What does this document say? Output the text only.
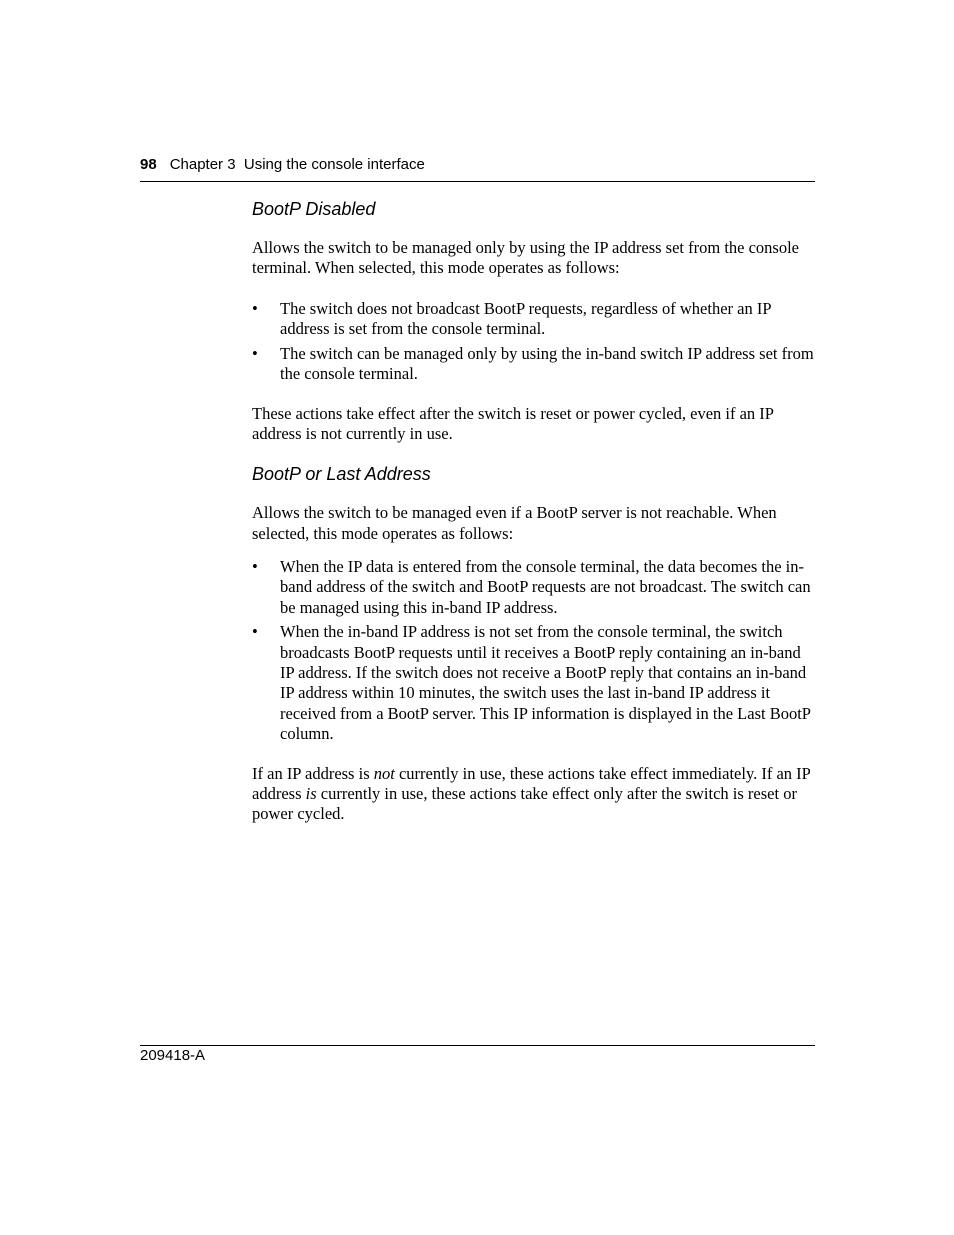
98 Chapter 3  Using the console interface
BootP Disabled

Allows the switch to be managed only by using the IP address set from the console terminal. When selected, this mode operates as follows:

• The switch does not broadcast BootP requests, regardless of whether an IP address is set from the console terminal.
• The switch can be managed only by using the in-band switch IP address set from the console terminal.

These actions take effect after the switch is reset or power cycled, even if an IP address is not currently in use.

BootP or Last Address

Allows the switch to be managed even if a BootP server is not reachable. When selected, this mode operates as follows:

• When the IP data is entered from the console terminal, the data becomes the in-band address of the switch and BootP requests are not broadcast. The switch can be managed using this in-band IP address.
• When the in-band IP address is not set from the console terminal, the switch broadcasts BootP requests until it receives a BootP reply containing an in-band IP address. If the switch does not receive a BootP reply that contains an in-band IP address within 10 minutes, the switch uses the last in-band IP address it received from a BootP server. This IP information is displayed in the Last BootP column.

If an IP address is not currently in use, these actions take effect immediately. If an IP address is currently in use, these actions take effect only after the switch is reset or power cycled.

209418-A
